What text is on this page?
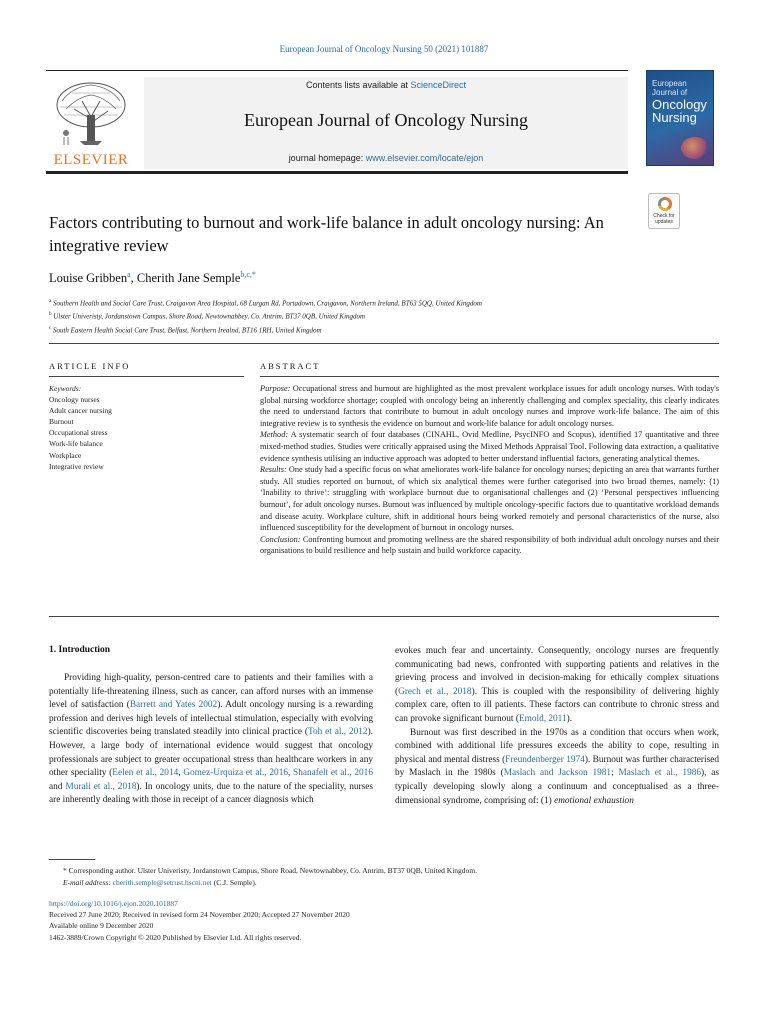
European Journal of Oncology Nursing 50 (2021) 101887
ELSEVIER
Contents lists available at ScienceDirect
European Journal of Oncology Nursing
journal homepage: www.elsevier.com/locate/ejon
European Journal of
Oncology
Nursing
Check for
updates
Factors contributing to burnout and work-life balance in adult oncology nursing: An integrative review
Louise Gribben$^a$, Cherith Jane Semple$^{b,c,*}$
$^a$ Southern Health and Social Care Trust, Craigavon Area Hospital, 68 Lurgan Rd, Portadown, Craigavon, Northern Ireland, BT63 5QQ, United Kingdom
$^b$ Ulster Univeristy, Jordanstown Campus, Shore Road, Newtownabbey, Co. Antrim, BT37 0QB, United Kingdom
$^c$ South Eastern Health Social Care Trust, Belfast, Northern Irealnd, BT16 1RH, United Kingdom
ARTICLE INFO	ABSTRACT
Keywords:
Oncology nurses
Adult cancer nursing
Burnout
Occupational stress
Work-life balance
Workplace
Integrative review
Purpose: Occupational stress and burnout are highlighted as the most prevalent workplace issues for adult oncology nurses. With today's global nursing workforce shortage; coupled with oncology being an inherently challenging and complex speciality, this clearly indicates the need to understand factors that contribute to burnout in adult oncology nurses and improve work-life balance. The aim of this integrative review is to synthesis the evidence on burnout and work-life balance for adult oncology nurses.
Method: A systematic search of four databases (CINAHL, Ovid Medline, PsycINFO and Scopus), identified 17 quantitative and three mixed-method studies. Studies were critically appraised using the Mixed Methods Appraisal Tool. Following data extraction, a qualitative evidence synthesis utilising an inductive approach was adopted to better understand influential factors, generating analytical themes.
Results: One study had a specific focus on what ameliorates work-life balance for oncology nurses; depicting an area that warrants further study. All studies reported on burnout, of which six analytical themes were further categorised into two broad themes, namely: (1) ‘Inability to thrive’: struggling with workplace burnout due to organisational challenges and (2) ‘Personal perspectives influencing burnout’, for adult oncology nurses. Burnout was influenced by multiple oncology-specific factors due to quantitative workload demands and disease acuity. Workplace culture, shift in additional hours being worked remotely and personal characteristics of the nurse, also influenced susceptibility for the development of burnout in oncology nurses.
Conclusion: Confronting burnout and promoting wellness are the shared responsibility of both individual adult oncology nurses and their organisations to build resilience and help sustain and build workforce capacity.
1. Introduction

Providing high-quality, person-centred care to patients and their families with a potentially life-threatening illness, such as cancer, can afford nurses with an immense level of satisfaction (Barrett and Yates 2002). Adult oncology nursing is a rewarding profession and derives high levels of intellectual stimulation, especially with evolving scientific discoveries being translated steadily into clinical practice (Toh et al., 2012). However, a large body of international evidence would suggest that oncology professionals are subject to greater occupational stress than healthcare workers in any other speciality (Eelen et al., 2014, Gomez-Urquiza et al., 2016, Shanafelt et al., 2016 and Murali et al., 2018). In oncology units, due to the nature of the speciality, nurses are inherently dealing with those in receipt of a cancer diagnosis which

evokes much fear and uncertainty. Consequently, oncology nurses are frequently communicating bad news, confronted with supporting patients and relatives in the grieving process and involved in decision-making for ethically complex situations (Grech et al., 2018). This is coupled with the responsibility of delivering highly complex care, often to ill patients. These factors can contribute to chronic stress and can provoke significant burnout (Emold, 2011).

Burnout was first described in the 1970s as a condition that occurs when work, combined with additional life pressures exceeds the ability to cope, resulting in physical and mental distress (Freundenberger 1974). Burnout was further characterised by Maslach in the 1980s (Maslach and Jackson 1981; Maslach et al., 1986), as typically developing slowly along a continuum and conceptualised as a three-dimensional syndrome, comprising of: (1) emotional exhaustion

* Corresponding author. Ulster Univeristy, Jordanstown Campus, Shore Road, Newtownabbey, Co. Antrim, BT37 0QB, United Kingdom.
E-mail address: cherith.semple@setrust.hscni.net (C.J. Semple).
https://doi.org/10.1016/j.ejon.2020.101887
Received 27 June 2020; Received in revised form 24 November 2020; Accepted 27 November 2020
Available online 9 December 2020
1462-3889/Crown Copyright © 2020 Published by Elsevier Ltd. All rights reserved.
